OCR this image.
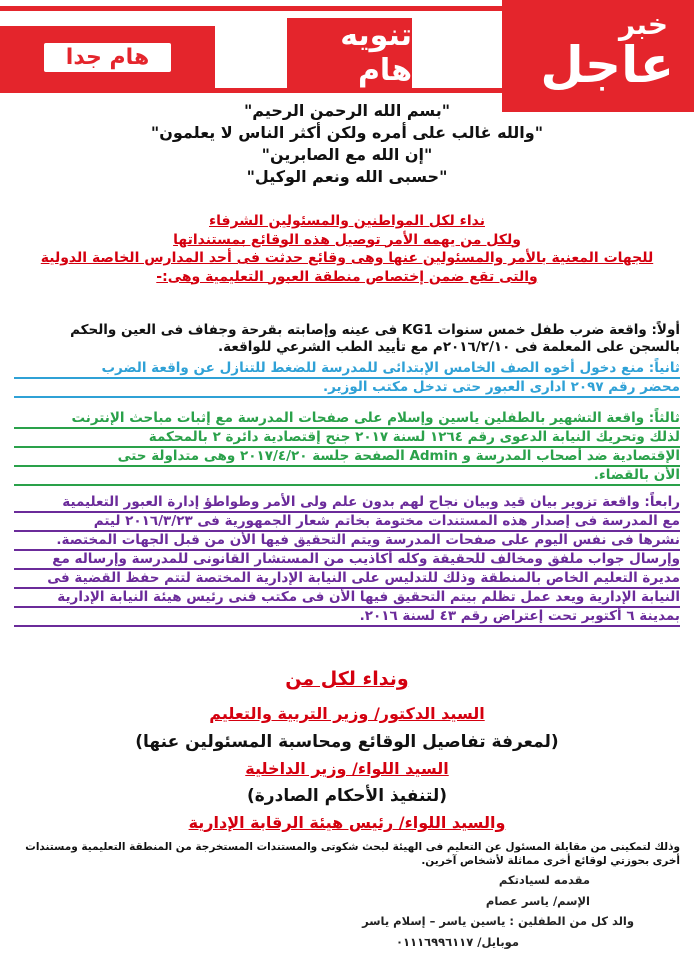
هام جدا
تنويه هام
خبر
عاجل
"بسم الله الرحمن الرحيم"
"والله غالب على أمره ولكن أكثر الناس لا يعلمون"
"إن الله مع الصابرين"
"حسبى الله ونعم الوكيل"
نداء لكل المواطنين والمسئولين الشرفاء
ولكل من يهمه الأمر توصيل هذه الوقائع بمستنداتها
للجهات المعنية بالأمر والمسئولين عنها وهى وقائع حدثت فى أحد المدارس الخاصة الدولية
والتى تقع ضمن إختصاص منطقة العبور التعليمية وهى:-
أولاً: واقعة ضرب طفل خمس سنوات KG1 فى عينه وإصابته بقرحة وجفاف فى العين والحكم
بالسجن على المعلمة فى ٢٠١٦/٢/١٠م مع تأييد الطب الشرعي للواقعة.
ثانياً: منع دخول أخوه الصف الخامس الإبتدائى للمدرسة للضغط للتنازل عن واقعة الضرب
محضر رقم ٢٠٩٧ ادارى العبور حتى تدخل مكتب الوزير.
ثالثاً: واقعة التشهير بالطفلين ياسين وإسلام على صفحات المدرسة مع إثبات مباحث الإنترنت
لذلك وتحريك النيابة الدعوى رقم ١٢٦٤ لسنة ٢٠١٧ جنح إقتصادية دائرة ٢ بالمحكمة
الإقتصادية ضد أصحاب المدرسة و Admin الصفحة جلسة ٢٠١٧/٤/٢٠ وهى متداولة حتى
الأن بالقضاء.
رابعاً: واقعة تزوير بيان قيد وبيان نجاح لهم بدون علم ولى الأمر وطواطؤ إدارة العبور التعليمية
مع المدرسة فى إصدار هذه المستندات مختومة بخاتم شعار الجمهورية فى ٢٠١٦/٣/٢٣ ليتم
نشرها فى نفس اليوم على صفحات المدرسة ويتم التحقيق فيها الأن من قبل الجهات المختصة.
وإرسال جواب ملفق ومخالف للحقيقة وكله أكاذيب من المستشار القانونى للمدرسة وإرساله مع
مديرة التعليم الخاص بالمنطقة وذلك للتدليس على النيابة الإدارية المختصة لتتم حفظ القضية فى
النيابة الإدارية ويعد عمل تظلم بيتم التحقيق فيها الأن فى مكتب فنى رئيس هيئة النيابة الإدارية
بمدينة ٦ أكتوبر تحت إعتراض رقم ٤٣ لسنة ٢٠١٦.
ونداء لكل من
السيد الدكتور/ وزير التربية والتعليم
(لمعرفة تفاصيل الوقائع ومحاسبة المسئولين عنها)
السيد اللواء/ وزير الداخلية
(لتنفيذ الأحكام الصادرة)
والسيد اللواء/ رئيس هيئة الرقابة الإدارية
وذلك لتمكينى من مقابلة المسئول عن التعليم فى الهيئة لبحث شكوتى والمستندات المستخرجة من المنطقة التعليمية ومستندات
أخرى بحوزتي لوقائع أخرى مماثلة لأشخاص آخرين.
مقدمه لسيادتكم
الإسم/ ياسر عصام
والد كل من الطفلين : ياسين ياسر – إسلام ياسر
موبايل/ ٠١١١٦٩٩٦١١٧
